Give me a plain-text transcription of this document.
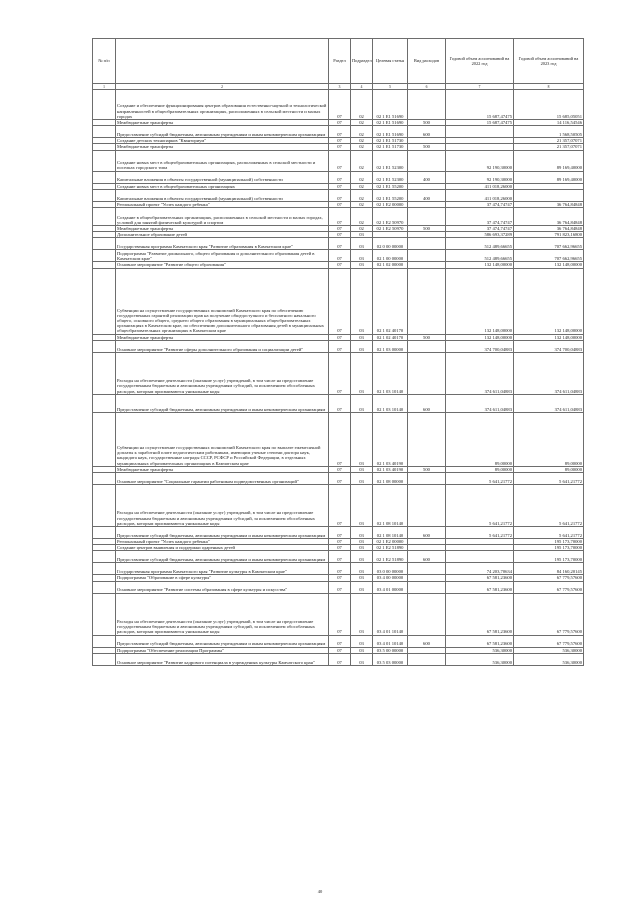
№ п/п		Раздел	Подраздел	Целевая статья	Вид расходов	Годовой объем ассигнований на 2022 год	Годовой объем ассигнований на 2023 год
1	2	3	4	5	6	7	8
	Создание и обеспечение функционирования центров образования естественно-научной и технологической направленностей в общеобразовательных организациях, расположенных в сельской местности и малых городах	07	02	02 1 Е1 51690		15 687,47475	15 685,05051
	Межбюджетные трансферты	07	02	02 1 Е1 51690	500	15 687,47475	14 116,54546
	Предоставление субсидий бюджетным, автономным учреждениям и иным некоммерческим организациям	07	02	02 1 Е1 51690	600		1 568,50505
	Создание детских технопарков "Кванториум"	07	02	02 1 Е1 51730			21 357,07071
	Межбюджетные трансферты	07	02	02 1 Е1 51730	500		21 357,07071
	Создание новых мест в общеобразовательных организациях, расположенных в сельской местности и поселках городского типа	07	02	02 1 Е1 52300		92 190,30000	89 169,40000
	Капитальные вложения в объекты государственной (муниципальной) собственности	07	02	02 1 Е1 52300	400	92 190,30000	89 169,40000
	Создание новых мест в общеобразовательных организациях	07	02	02 1 Е1 55200		411 018,26000	
	Капитальные вложения в объекты государственной (муниципальной) собственности	07	02	02 1 Е1 55200	400	411 018,26000	
	Региональный проект "Успех каждого ребенка"	07	02	02 1 Е2 00000		37 474,74747	36 764,84848
	Создание в общеобразовательных организациях, расположенных в сельской местности и малых городах, условий для занятий физической культурой и спортом	07	02	02 1 Е2 50970		37 474,74747	36 764,84848
	Межбюджетные трансферты	07	02	02 1 Е2 50970	500	37 474,74747	36 764,84848
	Дополнительное образование детей	07	03			586 693,37289	791 823,16800
	Государственная программа Камчатского края "Развитие образования в Камчатском крае"	07	03	02 0 00 00000		512 489,66655	707 662,96655
	Подпрограмма "Развитие дошкольного, общего образования и дополнительного образования детей в Камчатском крае"	07	03	02 1 00 00000		512 489,66655	707 662,96655
	Основное мероприятие "Развитие общего образования"	07	03	02 1 02 00000		132 148,00000	132 148,00000
	Субвенции на осуществление государственных полномочий Камчатского края по обеспечению государственных гарантий реализации прав на получение общедоступного и бесплатного начального общего, основного общего, среднего общего образования в муниципальных общеобразовательных организациях в Камчатском крае, по обеспечению дополнительного образования детей в муниципальных общеобразовательных организациях в Камчатском крае	07	03	02 1 02 40170		132 148,00000	132 148,00000
	Межбюджетные трансферты	07	03	02 1 02 40170	500	132 148,00000	132 148,00000
	Основное мероприятие "Развитие сферы дополнительного образования и социализации детей"	07	03	02 1 03 00000		374 700,04883	374 700,04883
	Расходы на обеспечение деятельности (оказание услуг) учреждений, в том числе на предоставление государственным бюджетным и автономным учреждениям субсидий, за исключением обособленных расходов, которым присваиваются уникальные коды	07	03	02 1 03 10140		374 611,04883	374 611,04883
	Предоставление субсидий бюджетным, автономным учреждениям и иным некоммерческим организациям	07	03	02 1 03 10140	600	374 611,04883	374 611,04883
	Субвенции на осуществление государственных полномочий Камчатского края по выплате ежемесячной доплаты к заработной плате педагогическим работникам, имеющим ученые степени доктора наук, кандидата наук, государственные награды СССР, РСФСР и Российской Федерации, в отдельных муниципальных образовательных организациях в Камчатском крае	07	03	02 1 03 40190		89,00000	89,00000
	Межбюджетные трансферты	07	03	02 1 03 40190	500	89,00000	89,00000
	Основное мероприятие "Социальные гарантии работникам подведомственных организаций"	07	03	02 1 08 00000		5 641,21772	5 641,21772
	Расходы на обеспечение деятельности (оказание услуг) учреждений, в том числе на предоставление государственным бюджетным и автономным учреждениям субсидий, за исключением обособленных расходов, которым присваиваются уникальные коды	07	03	02 1 08 10140		5 641,21772	5 641,21772
	Предоставление субсидий бюджетным, автономным учреждениям и иным некоммерческим организациям	07	03	02 1 08 10140	600	5 641,21772	5 641,21772
	Региональный проект "Успех каждого ребенка"	07	03	02 1 Е2 00000			195 173,70000
	Создание центров выявления и поддержки одаренных детей	07	03	02 1 Е2 51890			195 173,70000
	Предоставление субсидий бюджетным, автономным учреждениям и иным некоммерческим организациям	07	03	02 1 Е2 51890	600		195 173,70000
	Государственная программа Камчатского края "Развитие культуры в Камчатском крае"	07	03	03 0 00 00000		74 203,70634	84 160,20145
	Подпрограмма "Образование в сфере культуры"	07	03	03 4 00 00000		67 581,23600	67 779,57600
	Основное мероприятие "Развитие системы образования в сфере культуры и искусства"	07	03	03 4 01 00000		67 581,23600	67 779,57600
	Расходы на обеспечение деятельности (оказание услуг) учреждений, в том числе на предоставление государственным бюджетным и автономным учреждениям субсидий, за исключением обособленных расходов, которым присваиваются уникальные коды	07	03	03 4 01 10140		67 581,23600	67 779,57600
	Предоставление субсидий бюджетным, автономным учреждениям и иным некоммерческим организациям	07	03	03 4 01 10140	600	67 581,23600	67 779,57600
	Подпрограмма "Обеспечение реализации Программы"	07	03	03 5 00 00000		536,30000	536,30000
	Основное мероприятие "Развитие кадрового потенциала в учреждениях культуры Камчатского края"	07	03	03 5 03 00000		536,30000	536,30000
40
